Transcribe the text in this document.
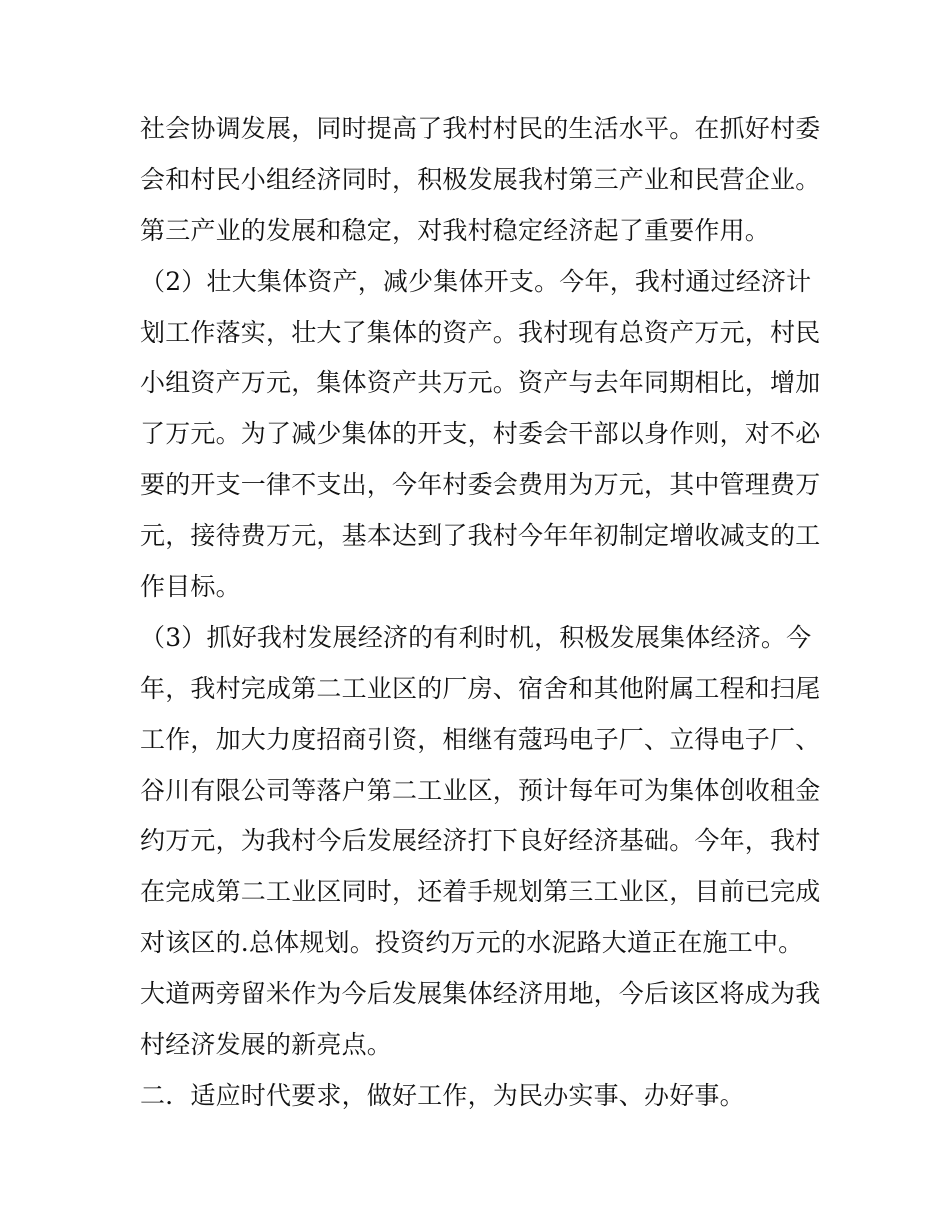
社会协调发展，同时提高了我村村民的生活水平。在抓好村委
会和村民小组经济同时，积极发展我村第三产业和民营企业。
第三产业的发展和稳定，对我村稳定经济起了重要作用。
（2）壮大集体资产，减少集体开支。今年，我村通过经济计
划工作落实，壮大了集体的资产。我村现有总资产万元，村民
小组资产万元，集体资产共万元。资产与去年同期相比，增加
了万元。为了减少集体的开支，村委会干部以身作则，对不必
要的开支一律不支出，今年村委会费用为万元，其中管理费万
元，接待费万元，基本达到了我村今年年初制定增收减支的工
作目标。
（3）抓好我村发展经济的有利时机，积极发展集体经济。今
年，我村完成第二工业区的厂房、宿舍和其他附属工程和扫尾
工作，加大力度招商引资，相继有蔻玛电子厂、立得电子厂、
谷川有限公司等落户第二工业区，预计每年可为集体创收租金
约万元，为我村今后发展经济打下良好经济基础。今年，我村
在完成第二工业区同时，还着手规划第三工业区，目前已完成
对该区的.总体规划。投资约万元的水泥路大道正在施工中。
大道两旁留米作为今后发展集体经济用地，今后该区将成为我
村经济发展的新亮点。
二．适应时代要求，做好工作，为民办实事、办好事。
